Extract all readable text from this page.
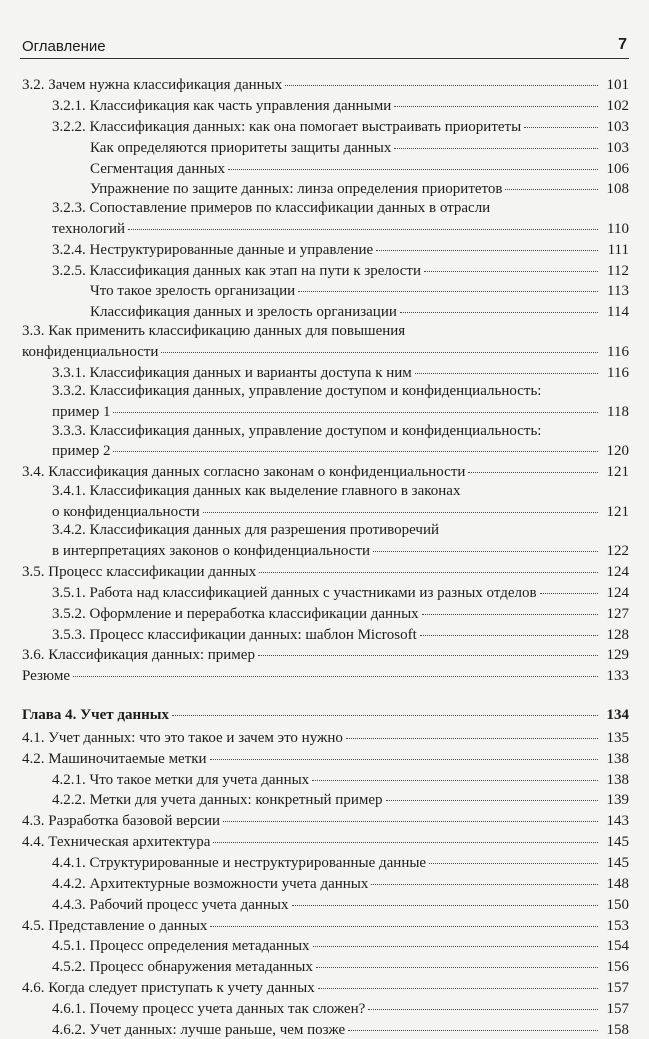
Оглавление	7
3.2. Зачем нужна классификация данных	101
3.2.1. Классификация как часть управления данными	102
3.2.2. Классификация данных: как она помогает выстраивать приоритеты	103
Как определяются приоритеты защиты данных	103
Сегментация данных	106
Упражнение по защите данных: линза определения приоритетов	108
3.2.3. Сопоставление примеров по классификации данных в отрасли
технологий	110
3.2.4. Неструктурированные данные и управление	111
3.2.5. Классификация данных как этап на пути к зрелости	112
Что такое зрелость организации	113
Классификация данных и зрелость организации	114
3.3. Как применить классификацию данных для повышения
конфиденциальности	116
3.3.1. Классификация данных и варианты доступа к ним	116
3.3.2. Классификация данных, управление доступом и конфиденциальность:
пример 1	118
3.3.3. Классификация данных, управление доступом и конфиденциальность:
пример 2	120
3.4. Классификация данных согласно законам о конфиденциальности	121
3.4.1. Классификация данных как выделение главного в законах
о конфиденциальности	121
3.4.2. Классификация данных для разрешения противоречий
в интерпретациях законов о конфиденциальности	122
3.5. Процесс классификации данных	124
3.5.1. Работа над классификацией данных с участниками из разных отделов	124
3.5.2. Оформление и переработка классификации данных	127
3.5.3. Процесс классификации данных: шаблон Microsoft	128
3.6. Классификация данных: пример	129
Резюме	133
Глава 4. Учет данных	134
4.1. Учет данных: что это такое и зачем это нужно	135
4.2. Машиночитаемые метки	138
4.2.1. Что такое метки для учета данных	138
4.2.2. Метки для учета данных: конкретный пример	139
4.3. Разработка базовой версии	143
4.4. Техническая архитектура	145
4.4.1. Структурированные и неструктурированные данные	145
4.4.2. Архитектурные возможности учета данных	148
4.4.3. Рабочий процесс учета данных	150
4.5. Представление о данных	153
4.5.1. Процесс определения метаданных	154
4.5.2. Процесс обнаружения метаданных	156
4.6. Когда следует приступать к учету данных	157
4.6.1. Почему процесс учета данных так сложен?	157
4.6.2. Учет данных: лучше раньше, чем позже	158
